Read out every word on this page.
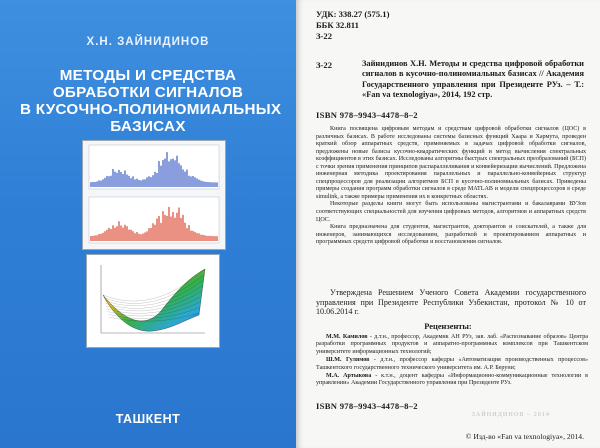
Х.Н. ЗАЙНИДИНОВ
МЕТОДЫ И СРЕДСТВА
ОБРАБОТКИ СИГНАЛОВ
В КУСОЧНО-ПОЛИНОМИАЛЬНЫХ
БАЗИСАХ
ТАШКЕНТ
УДК: 338.27 (575.1)
ББК 32.811
З-22
З-22	Зайнидинов Х.Н. Методы и средства цифровой обработки сигналов в кусочно-полиномиальных базисах // Академия Государственного управления при Президенте РУз. – Т.: «Fan va texnologiya», 2014, 192 стр.
ISBN 978–9943–4478–8–2

Книга посвящена цифровым методам и средствам цифровой обработки сигналов (ЦОС) в различных базисах. В работе исследованы системы базисных функций Хаара и Хармута, проведен краткий обзор аппаратных средств, применяемых в задачах цифровой обработки сигналов, предложены новые базисы кусочно-квадратических функций и метод вычисления спектральных коэффициентов в этих базисах. Исследованы алгоритмы быстрых спектральных преобразований (БСП) с точки зрения применения принципов распараллеливания и конвейеризации вычислений. Предложена инженерная методика проектирования параллельных и параллельно-конвейерных структур спецпроцессоров для реализации алгоритмов БСП в кусочно-полиномиальных базисах. Приведены примеры создания программ обработки сигналов в среде MATLAB и модели спецпроцессоров в среде simulink, а также примеры применения их в конкретных областях.

Некоторые разделы книги могут быть использованы магистрантами и бакалаврами ВУЗов соответствующих специальностей для изучения цифровых методов, алгоритмов и аппаратных средств ЦОС.

Книга предназначена для студентов, магистрантов, докторантов и соискателей, а также для инженеров, занимающихся исследованием, разработкой и проектированием аппаратных и программных средств цифровой обработки и восстановления сигналов.

Утверждена Решением Ученого Совета Академии государственного управления при Президенте Республики Узбекистан, протокол № 10 от 10.06.2014 г.
Рецензенты:

М.М. Камилов - д.т.н., профессор, Академик АН РУз, зав. лаб. «Распознавание образов» Центра разработки программных продуктов и аппаратно-программных комплексов при Ташкентском университете информационных технологий;

Ш.М. Гулямов - д.т.н., профессор кафедры «Автоматизация производственных процессов» Ташкентского государственного технического университета им. А.Р. Беруни;

М.А. Артыкова - к.т.н., доцент кафедры «Информационно-коммуникационные технологии в управлении» Академии Государственного управления при Президенте РУз.

ЗАЙНИДИНОВ – 2014
ISBN 978–9943–4478–8–2
© Изд-во «Fan va texnologiya», 2014.
